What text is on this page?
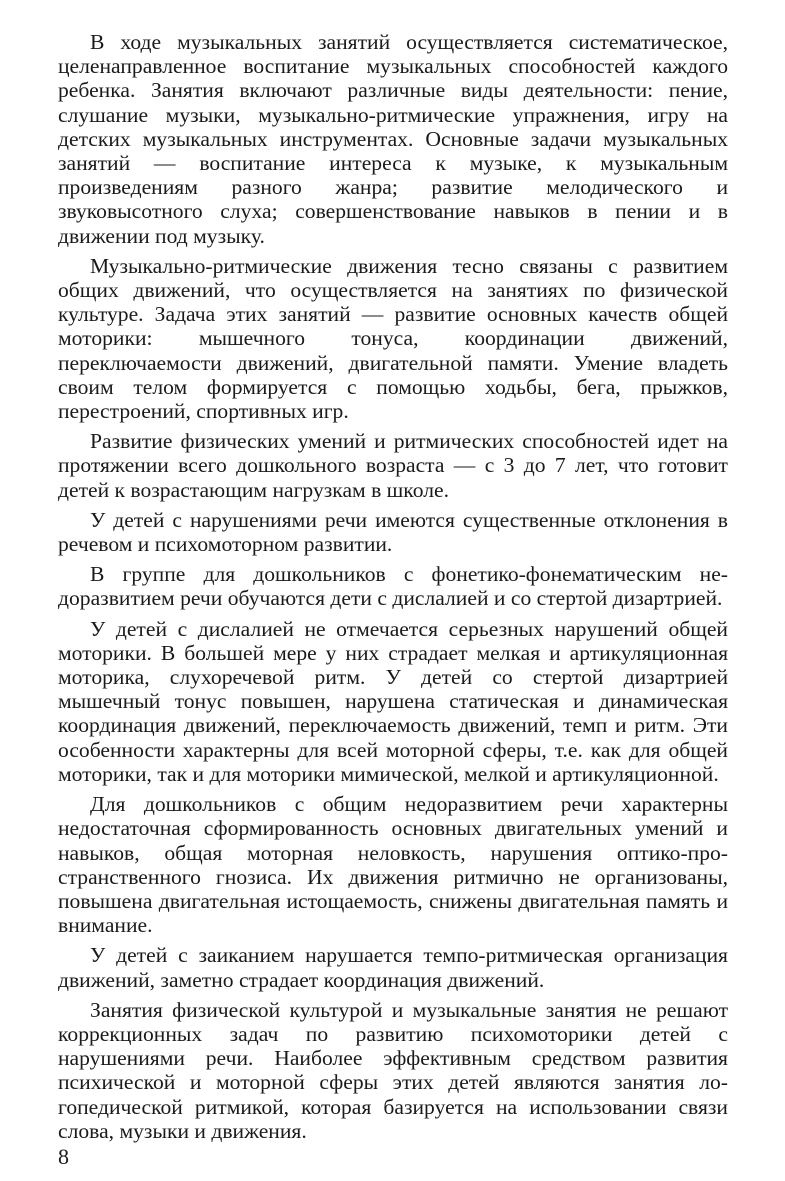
В ходе музыкальных занятий осуществляется систематическое, целенаправленное воспитание музыкальных способностей каждого ребенка. Занятия включают различные виды деятельности: пение, слушание музыки, музыкально-ритмические упражнения, игру на детских музыкальных инструментах. Основные задачи музыкальных занятий — воспитание интереса к музыке, к музыкальным произведениям разного жанра; развитие мелодического и звуковысотного слуха; совершенствование навыков в пении и в движении под музыку.

Музыкально-ритмические движения тесно связаны с развитием общих движений, что осуществляется на занятиях по физической культуре. Задача этих занятий — развитие основных качеств общей моторики: мышечного тонуса, координации движений, переключаемости движений, двигательной памяти. Умение владеть своим телом формируется с помощью ходьбы, бега, прыжков, перестроений, спортивных игр.

Развитие физических умений и ритмических способностей идет на протяжении всего дошкольного возраста — с 3 до 7 лет, что готовит детей к возрастающим нагрузкам в школе.

У детей с нарушениями речи имеются существенные отклонения в речевом и психомоторном развитии.

В группе для дошкольников с фонетико-фонематическим недоразвитием речи обучаются дети с дислалией и со стертой дизартрией.

У детей с дислалией не отмечается серьезных нарушений общей моторики. В большей мере у них страдает мелкая и артикуляционная моторика, слухоречевой ритм. У детей со стертой дизартрией мышечный тонус повышен, нарушена статическая и динамическая координация движений, переключаемость движений, темп и ритм. Эти особенности характерны для всей моторной сферы, т.е. как для общей моторики, так и для моторики мимической, мелкой и артикуляционной.

Для дошкольников с общим недоразвитием речи характерны недостаточная сформированность основных двигательных умений и навыков, общая моторная неловкость, нарушения оптико-пространственного гнозиса. Их движения ритмично не организованы, повышена двигательная истощаемость, снижены двигательная память и внимание.

У детей с заиканием нарушается темпо-ритмическая организация движений, заметно страдает координация движений.

Занятия физической культурой и музыкальные занятия не решают коррекционных задач по развитию психомоторики детей с нарушениями речи. Наиболее эффективным средством развития психической и моторной сферы этих детей являются занятия логопедической ритмикой, которая базируется на использовании связи слова, музыки и движения.

8
